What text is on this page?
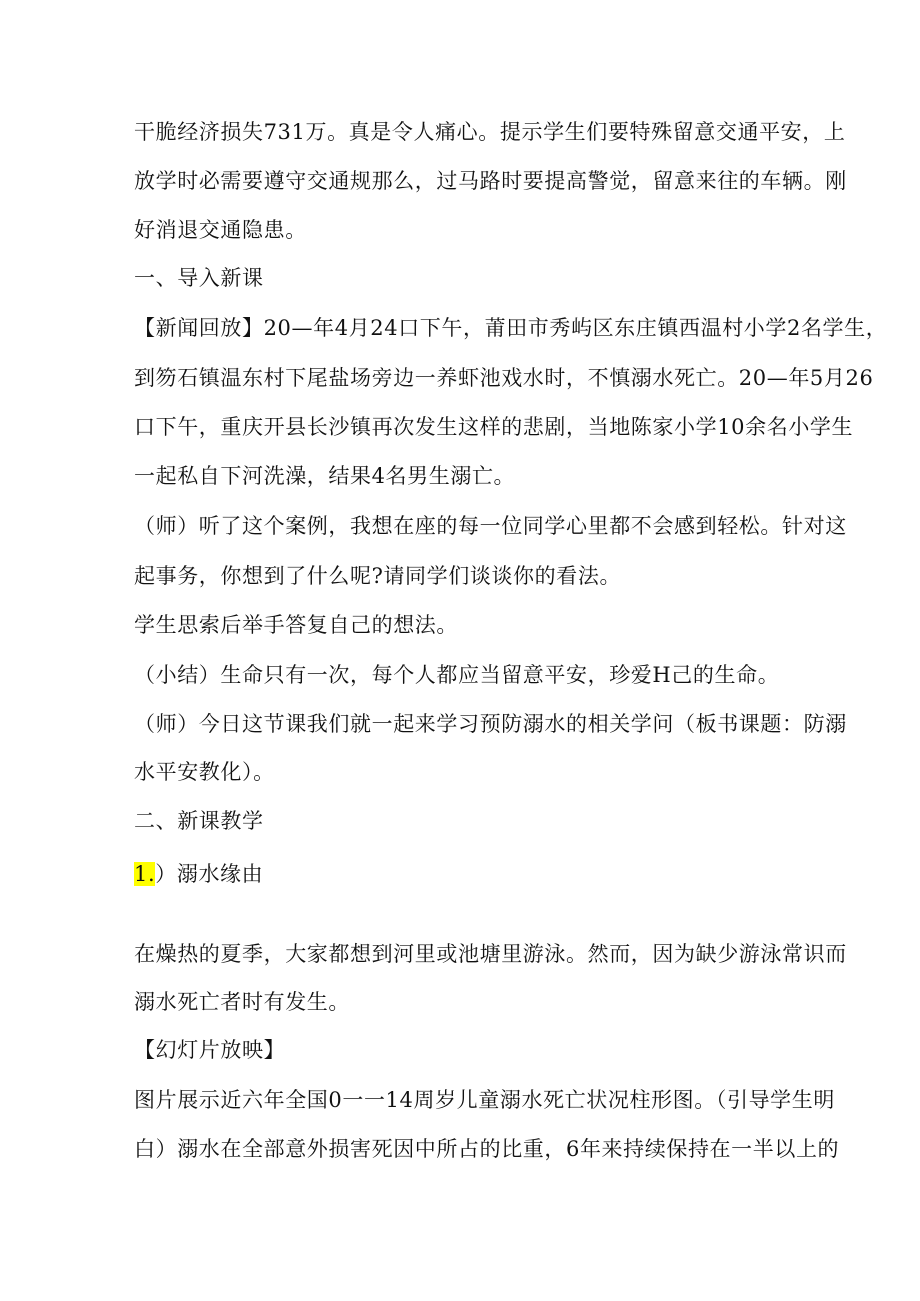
干脆经济损失731万。真是令人痛心。提示学生们要特殊留意交通平安，上
放学时必需要遵守交通规那么，过马路时要提高警觉，留意来往的车辆。刚
好消退交通隐患。
一、导入新课
【新闻回放】20—年4月24口下午，莆田市秀屿区东庄镇西温村小学2名学生，
到笏石镇温东村下尾盐场旁边一养虾池戏水时，不慎溺水死亡。20—年5月26
口下午，重庆开县长沙镇再次发生这样的悲剧，当地陈家小学10余名小学生
一起私自下河洗澡，结果4名男生溺亡。
（师）听了这个案例，我想在座的每一位同学心里都不会感到轻松。针对这
起事务，你想到了什么呢?请同学们谈谈你的看法。
学生思索后举手答复自己的想法。
（小结）生命只有一次，每个人都应当留意平安，珍爱H己的生命。
（师）今日这节课我们就一起来学习预防溺水的相关学问（板书课题：防溺
水平安教化）。
二、新课教学
1.）溺水缘由
在燥热的夏季，大家都想到河里或池塘里游泳。然而，因为缺少游泳常识而
溺水死亡者时有发生。
【幻灯片放映】
图片展示近六年全国0一一14周岁儿童溺水死亡状况柱形图。（引导学生明
白）溺水在全部意外损害死因中所占的比重，6年来持续保持在一半以上的
